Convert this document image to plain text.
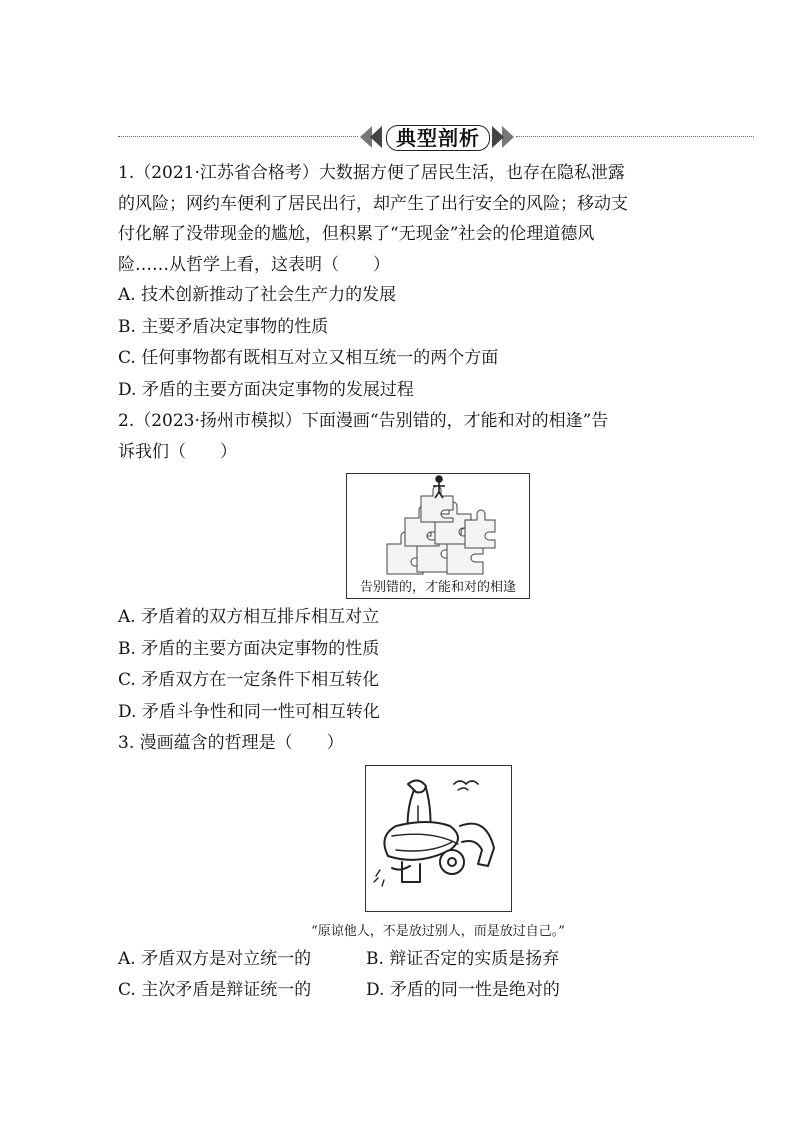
典型剖析
1.（2021·江苏省合格考）大数据方便了居民生活，也存在隐私泄露
的风险；网约车便利了居民出行，却产生了出行安全的风险；移动支
付化解了没带现金的尴尬，但积累了“无现金”社会的伦理道德风
险……从哲学上看，这表明（　　）
A. 技术创新推动了社会生产力的发展
B. 主要矛盾决定事物的性质
C. 任何事物都有既相互对立又相互统一的两个方面
D. 矛盾的主要方面决定事物的发展过程
2.（2023·扬州市模拟）下面漫画“告别错的，才能和对的相逢”告
诉我们（　　）
告别错的，才能和对的相逢
A. 矛盾着的双方相互排斥相互对立
B. 矛盾的主要方面决定事物的性质
C. 矛盾双方在一定条件下相互转化
D. 矛盾斗争性和同一性可相互转化
3. 漫画蕴含的哲理是（　　）
“原谅他人，不是放过别人，而是放过自己。”
A. 矛盾双方是对立统一的	B. 辩证否定的实质是扬弃
C. 主次矛盾是辩证统一的	D. 矛盾的同一性是绝对的
